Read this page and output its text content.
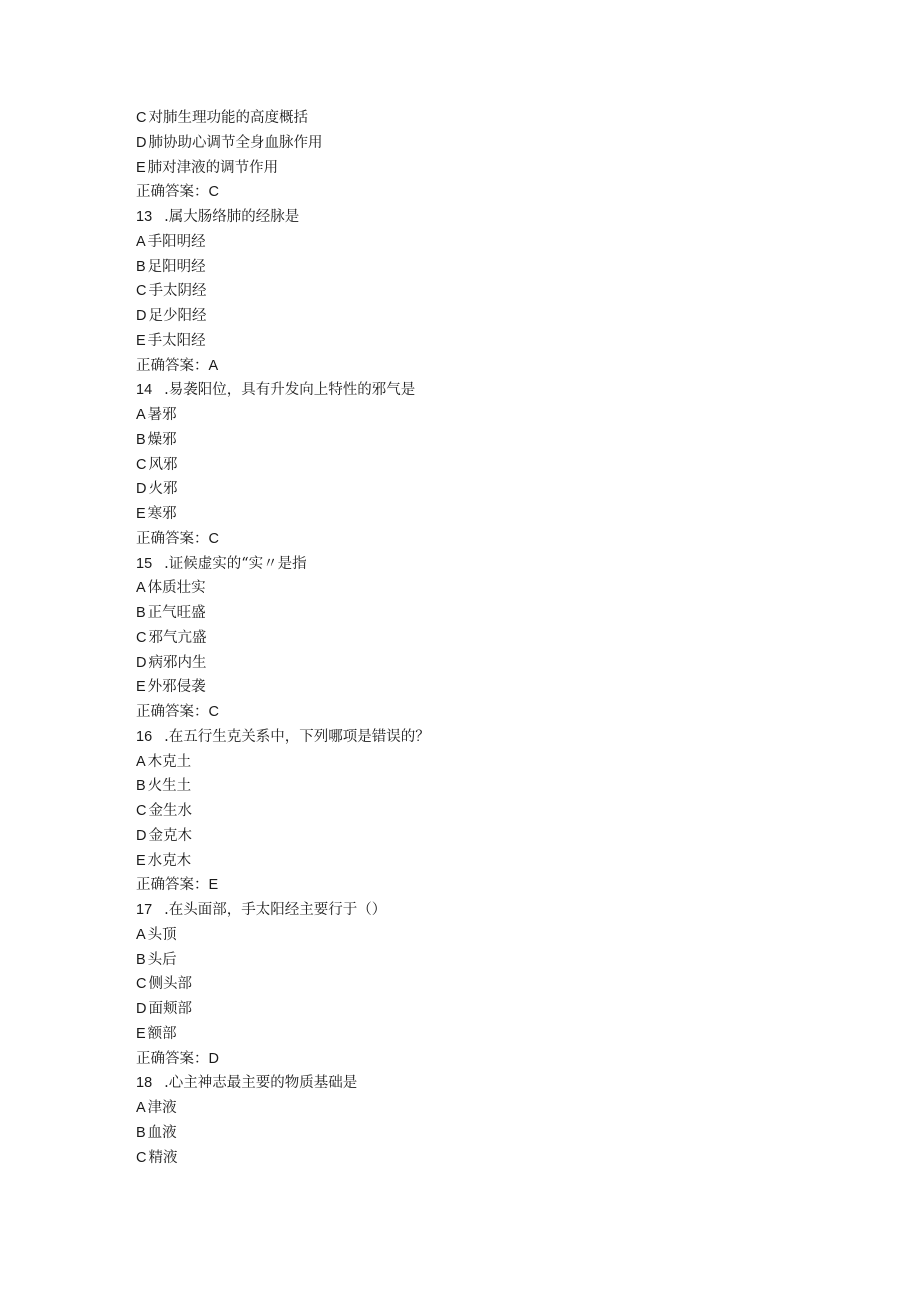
C 对肺生理功能的高度概括
D 肺协助心调节全身血脉作用
E 肺对津液的调节作用
正确答案：C
13 .属大肠络肺的经脉是
A 手阳明经
B 足阳明经
C 手太阴经
D 足少阳经
E 手太阳经
正确答案：A
14 .易袭阳位，具有升发向上特性的邪气是
A 暑邪
B 燥邪
C 风邪
D 火邪
E 寒邪
正确答案：C
15 .证候虚实的“实〃是指
A 体质壮实
B 正气旺盛
C 邪气亢盛
D 病邪内生
E 外邪侵袭
正确答案：C
16 .在五行生克关系中，下列哪项是错误的？
A 木克土
B 火生土
C 金生水
D 金克木
E 水克木
正确答案：E
17 .在头面部，手太阳经主要行于（）
A 头顶
B 头后
C 侧头部
D 面颊部
E 额部
正确答案：D
18 .心主神志最主要的物质基础是
A 津液
B 血液
C 精液
